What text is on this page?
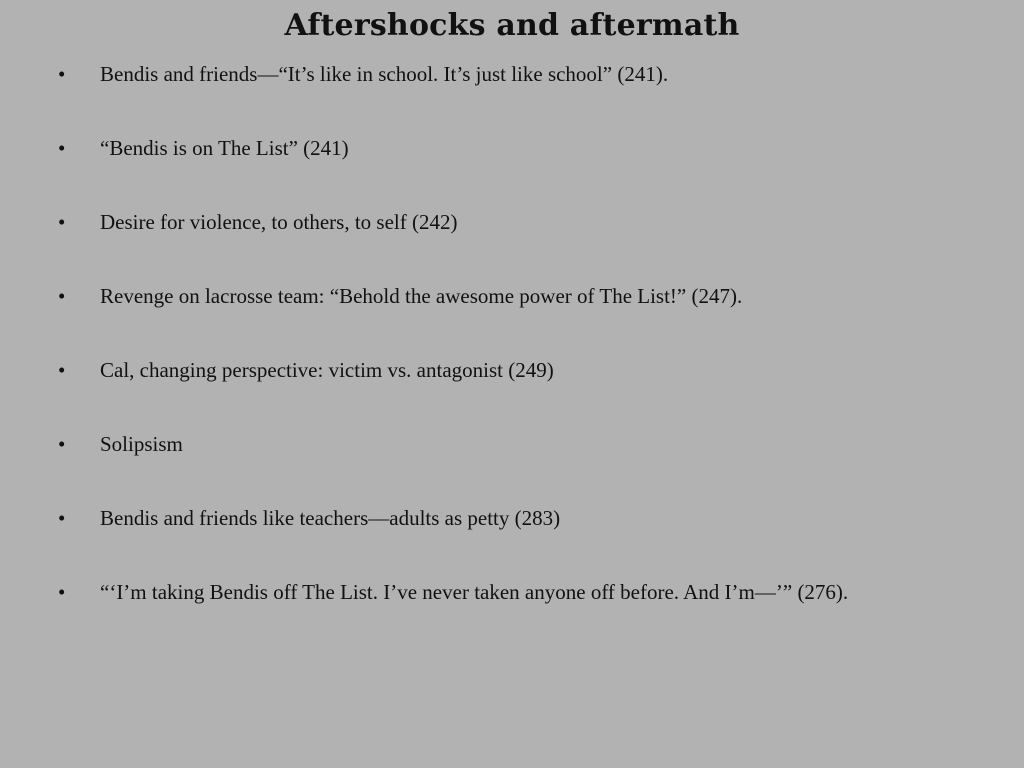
Aftershocks and aftermath
•	Bendis and friends—“It’s like in school. It’s just like school” (241).
•	“Bendis is on The List” (241)
•	Desire for violence, to others, to self (242)
•	Revenge on lacrosse team: “Behold the awesome power of The List!” (247).
•	Cal, changing perspective: victim vs. antagonist (249)
•	Solipsism
•	Bendis and friends like teachers—adults as petty (283)
•	“‘I’m taking Bendis off The List. I’ve never taken anyone off before. And I’m—’” (276).
